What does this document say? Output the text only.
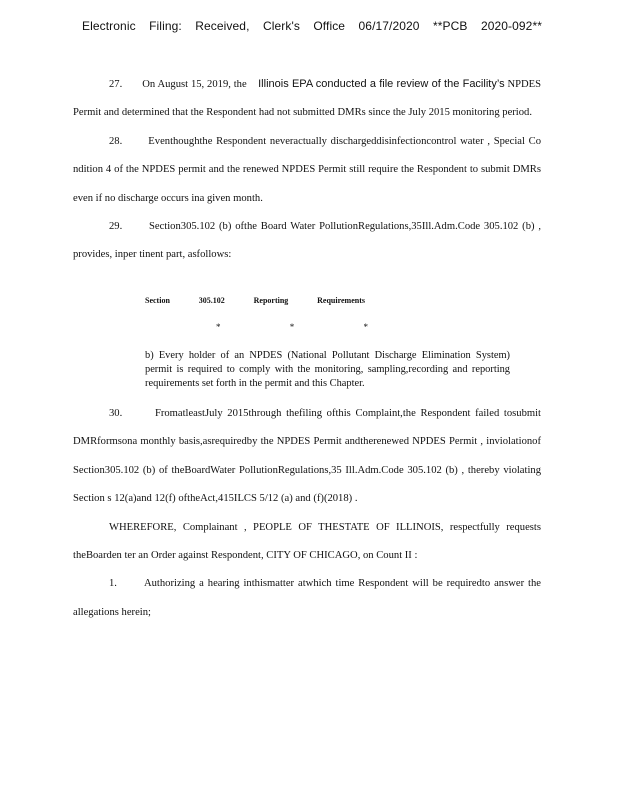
Electronic Filing: Received, Clerk's Office 06/17/2020 **PCB 2020-092**

27. On August 15, 2019, the Illinois EPA conducted a file review of the Facility’s NPDES Permit and determined that the Respondent had not submitted DMRs since the July 2015 monitoring period.

28. Eventhoughthe Respondent neveractually dischargeddisinfectioncontrol water , Special Co ndition 4 of the NPDES permit and the renewed NPDES Permit still require the Respondent to submit DMRs even if no discharge occurs ina given month.

29.	Section305.102 (b) ofthe Board Water PollutionRegulations,35Ill.Adm.Code 305.102 (b) , provides, inper tinent part, asfollows:

Section	305.102	Reporting	Requirements
*	*	*
b) Every holder of an NPDES (National Pollutant Discharge Elimination System) permit is required to comply with the monitoring, sampling,recording and reporting requirements set forth in the permit and this Chapter.

30.	FromatleastJuly 2015through thefiling ofthis Complaint,the Respondent failed tosubmit DMRformsona monthly basis,asrequiredby the NPDES Permit andtherenewed NPDES Permit , inviolationof Section305.102 (b) of theBoardWater PollutionRegulations,35 Ill.Adm.Code 305.102 (b) , thereby violating Section s 12(a)and 12(f) oftheAct,415ILCS 5/12 (a) and (f)(2018) .

WHEREFORE, Complainant , PEOPLE OF THESTATE OF ILLINOIS, respectfully requests theBoarden ter an Order against Respondent, CITY OF CHICAGO, on Count II :

1.	Authorizing a hearing inthismatter atwhich time Respondent will be requiredto answer the allegations herein;
